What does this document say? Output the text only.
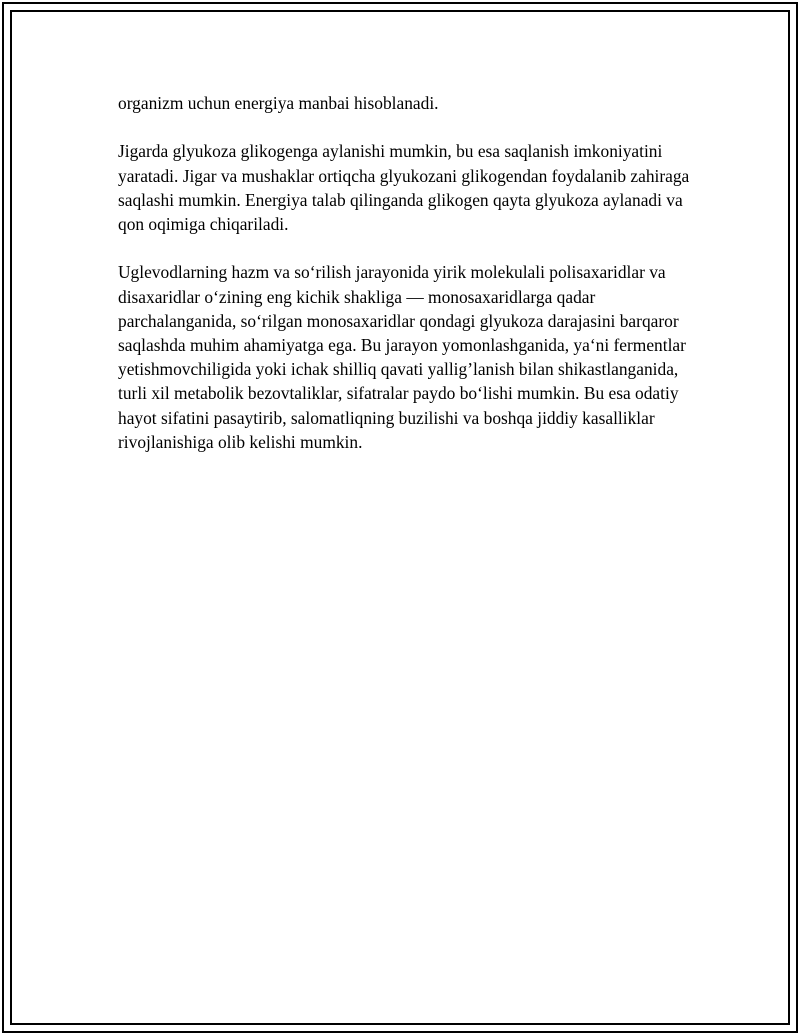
organizm uchun energiya manbai hisoblanadi.

Jigarda glyukoza glikogenga aylanishi mumkin, bu esa saqlanish imkoniyatini yaratadi. Jigar va mushaklar ortiqcha glyukozani glikogendan foydalanib zahiraga saqlashi mumkin. Energiya talab qilinganda glikogen qayta glyukoza aylanadi va qon oqimiga chiqariladi.

Uglevodlarning hazm va so‘rilish jarayonida yirik molekulali polisaxaridlar va disaxaridlar o‘zining eng kichik shakliga — monosaxaridlarga qadar parchalanganida, so‘rilgan monosaxaridlar qondagi glyukoza darajasini barqaror saqlashda muhim ahamiyatga ega. Bu jarayon yomonlashganida, ya‘ni fermentlar yetishmovchiligida yoki ichak shilliq qavati yallig’lanish bilan shikastlanganida, turli xil metabolik bezovtaliklar, sifatralar paydo bo‘lishi mumkin. Bu esa odatiy hayot sifatini pasaytirib, salomatliqning buzilishi va boshqa jiddiy kasalliklar rivojlanishiga olib kelishi mumkin.
